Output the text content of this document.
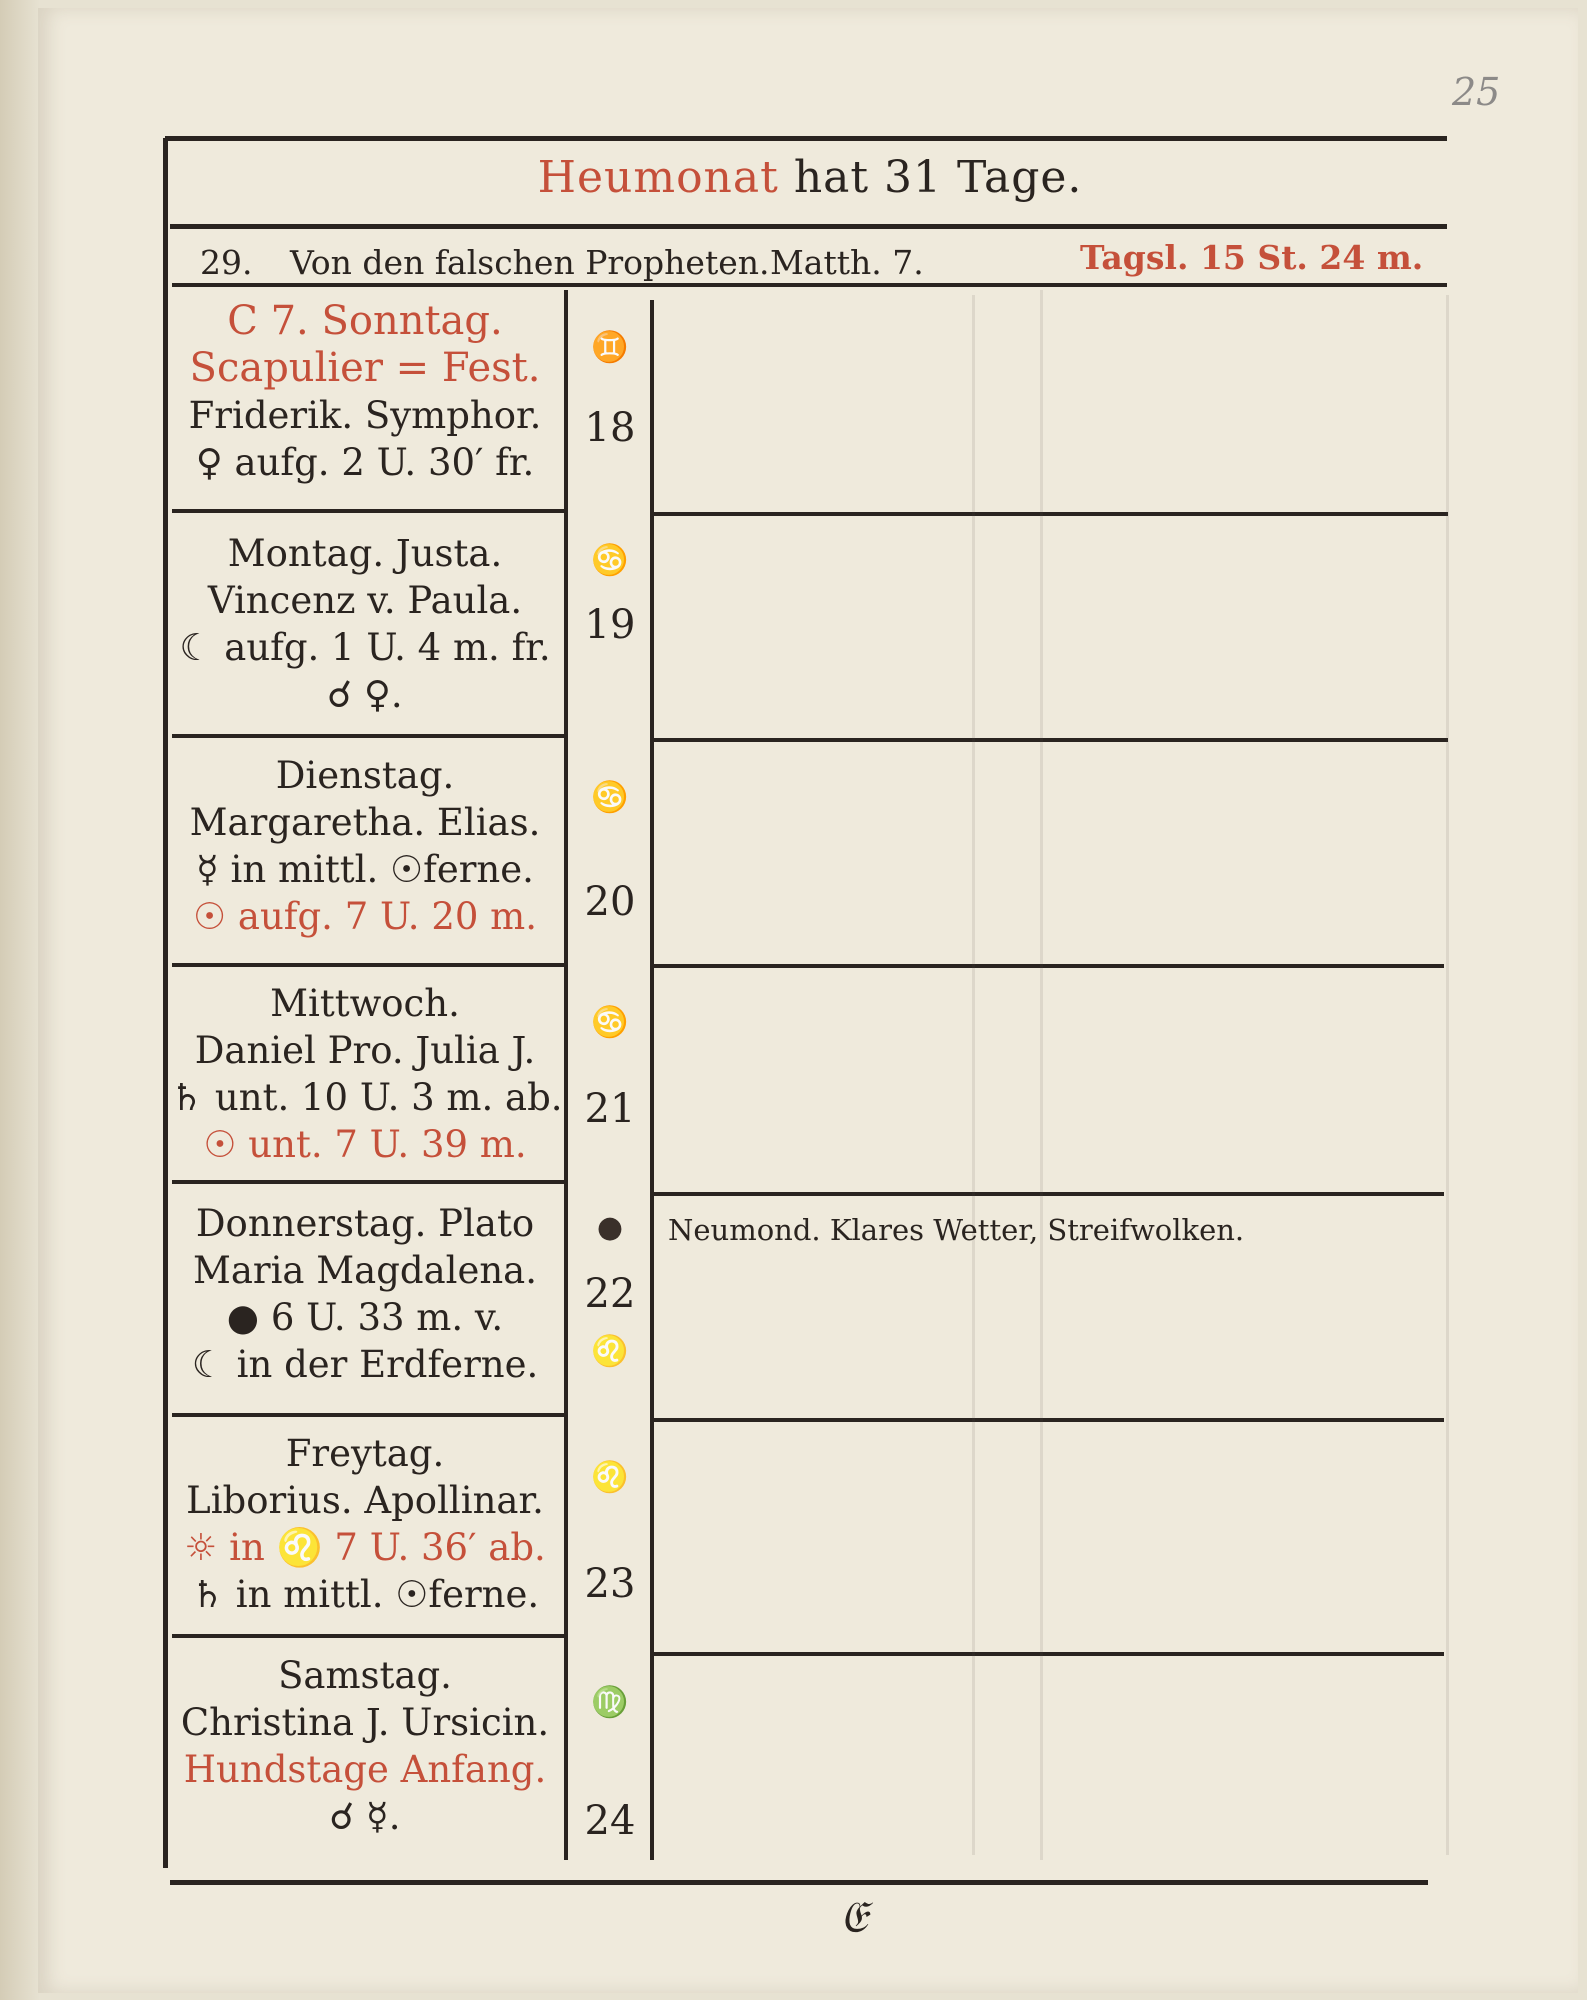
25
Heumonat hat 31 Tage.
29. Von den falschen Propheten. Matth. 7.	Tagsl. 15 St. 24 m.
C 7. Sonntag.
Scapulier = Fest.
Friderik. Symphor.
♀ aufg. 2 U. 30′ fr.
♊
18
Montag. Justa.
Vincenz v. Paula.
☾ aufg. 1 U. 4 m. fr.
☌ ♀.
♋
19
Dienstag.
Margaretha. Elias.
☿ in mittl. ☉ferne.
☉ aufg. 7 U. 20 m.
♋
20
Mittwoch.
Daniel Pro. Julia J.
♄ unt. 10 U. 3 m. ab.
☉ unt. 7 U. 39 m.
♋
21
Donnerstag. Plato
Maria Magdalena.
● 6 U. 33 m. v.
☾ in der Erdferne.
●
22
♌
Neumond. Klares Wetter, Streifwolken.
Freytag.
Liborius. Apollinar.
☼ in ♌ 7 U. 36′ ab.
♄ in mittl. ☉ferne.
♌
23
Samstag.
Christina J. Ursicin.
Hundstage Anfang.
☌ ☿.
♍
24
𝔈
